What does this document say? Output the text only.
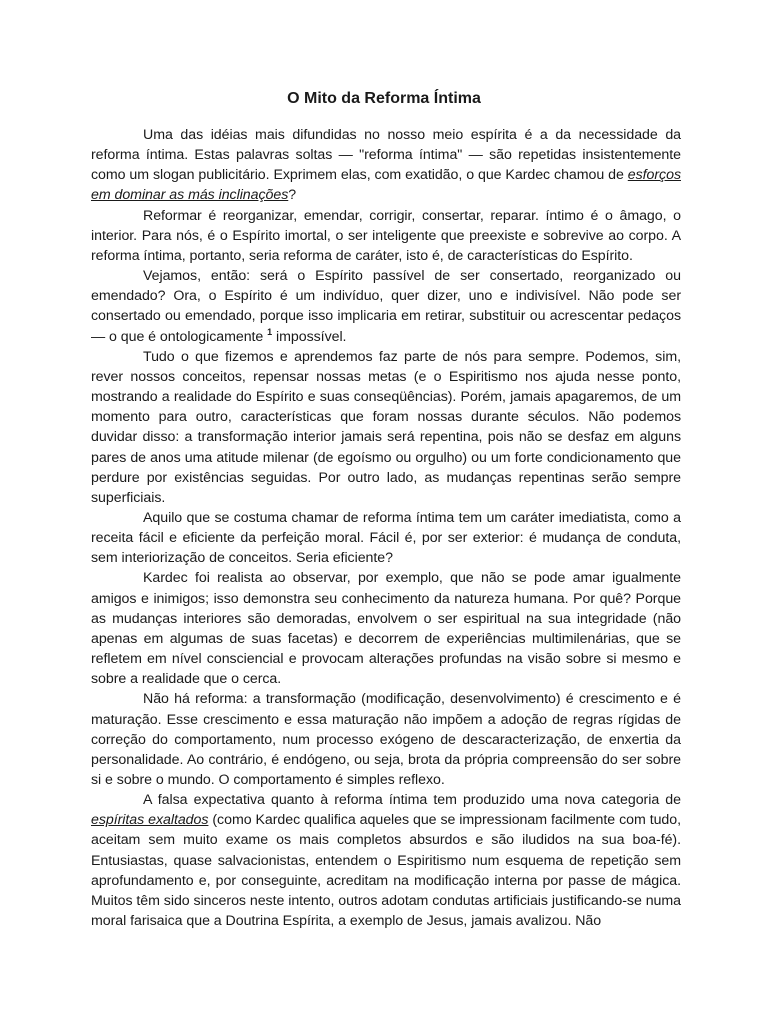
O Mito da Reforma Íntima

Uma das idéias mais difundidas no nosso meio espírita é a da necessidade da reforma íntima. Estas palavras soltas — "reforma íntima" — são repetidas insistentemente como um slogan publicitário. Exprimem elas, com exatidão, o que Kardec chamou de esforços em dominar as más inclinações?

Reformar é reorganizar, emendar, corrigir, consertar, reparar. íntimo é o âmago, o interior. Para nós, é o Espírito imortal, o ser inteligente que preexiste e sobrevive ao corpo. A reforma íntima, portanto, seria reforma de caráter, isto é, de características do Espírito.

Vejamos, então: será o Espírito passível de ser consertado, reorganizado ou emendado? Ora, o Espírito é um indivíduo, quer dizer, uno e indivisível. Não pode ser consertado ou emendado, porque isso implicaria em retirar, substituir ou acrescentar pedaços — o que é ontologicamente $^1$ impossível.

Tudo o que fizemos e aprendemos faz parte de nós para sempre. Podemos, sim, rever nossos conceitos, repensar nossas metas (e o Espiritismo nos ajuda nesse ponto, mostrando a realidade do Espírito e suas conseqüências). Porém, jamais apagaremos, de um momento para outro, características que foram nossas durante séculos. Não podemos duvidar disso: a transformação interior jamais será repentina, pois não se desfaz em alguns pares de anos uma atitude milenar (de egoísmo ou orgulho) ou um forte condicionamento que perdure por existências seguidas. Por outro lado, as mudanças repentinas serão sempre superficiais.

Aquilo que se costuma chamar de reforma íntima tem um caráter imediatista, como a receita fácil e eficiente da perfeição moral. Fácil é, por ser exterior: é mudança de conduta, sem interiorização de conceitos. Seria eficiente?

Kardec foi realista ao observar, por exemplo, que não se pode amar igualmente amigos e inimigos; isso demonstra seu conhecimento da natureza humana. Por quê? Porque as mudanças interiores são demoradas, envolvem o ser espiritual na sua integridade (não apenas em algumas de suas facetas) e decorrem de experiências multimilenárias, que se refletem em nível consciencial e provocam alterações profundas na visão sobre si mesmo e sobre a realidade que o cerca.

Não há reforma: a transformação (modificação, desenvolvimento) é crescimento e é maturação. Esse crescimento e essa maturação não impõem a adoção de regras rígidas de correção do comportamento, num processo exógeno de descaracterização, de enxertia da personalidade. Ao contrário, é endógeno, ou seja, brota da própria compreensão do ser sobre si e sobre o mundo. O comportamento é simples reflexo.

A falsa expectativa quanto à reforma íntima tem produzido uma nova categoria de espíritas exaltados (como Kardec qualifica aqueles que se impressionam facilmente com tudo, aceitam sem muito exame os mais completos absurdos e são iludidos na sua boa-fé). Entusiastas, quase salvacionistas, entendem o Espiritismo num esquema de repetição sem aprofundamento e, por conseguinte, acreditam na modificação interna por passe de mágica. Muitos têm sido sinceros neste intento, outros adotam condutas artificiais justificando-se numa moral farisaica que a Doutrina Espírita, a exemplo de Jesus, jamais avalizou. Não
